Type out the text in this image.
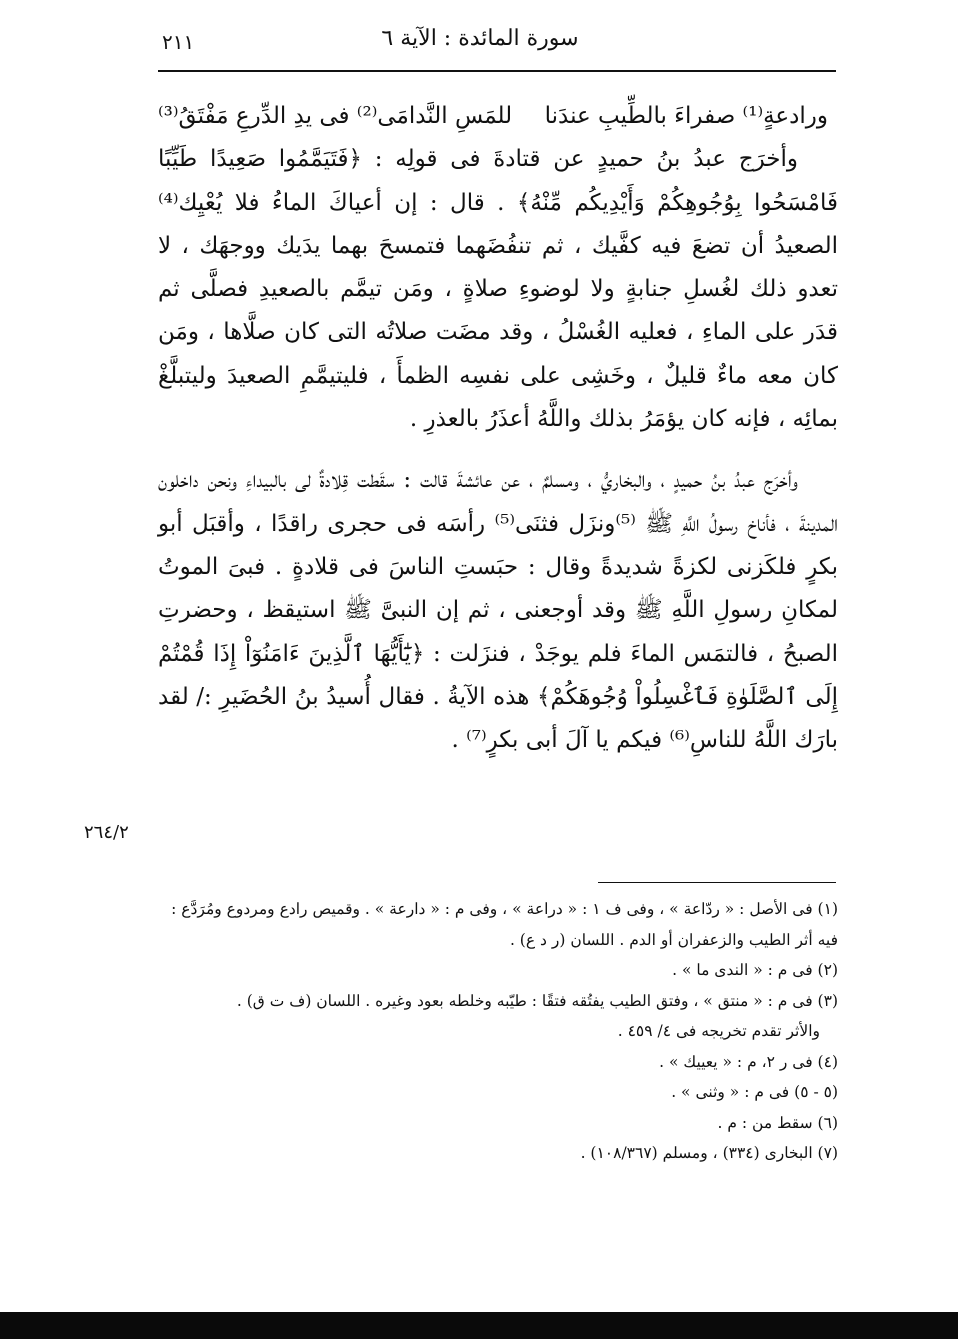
٢١١	سورة المائدة : الآية ٦
ورادعةٍ⁽¹⁾ صفراءَ بالطِّيبِ عندَنا
للمَسِ النَّدامَى⁽²⁾ فى يدِ الدِّرعِ مَفْتَقُ⁽³⁾

وأخرَج عبدُ بنُ حميدٍ عن قتادةَ فى قولِه : ﴿فَتَيَمَّمُوا صَعِيدًا طَيِّبًا فَامْسَحُوا بِوُجُوهِكُمْ وَأَيْدِيكُم مِّنْهُ﴾ . قال : إن أعياكَ الماءُ فلا يُعْيِك⁽⁴⁾ الصعيدُ أن تضعَ فيه كفَّيك ، ثم تنفُضَهما فتمسحَ بهما يدَيك ووجهَك ، لا تعدو ذلك لغُسلِ جنابةٍ ولا لوضوءِ صلاةٍ ، ومَن تيمَّم بالصعيدِ فصلَّى ثم قدَر على الماءِ ، فعليه الغُسْلُ ، وقد مضَت صلاتُه التى كان صلَّاها ، ومَن كان معه ماءٌ قليلٌ ، وخَشِى على نفسِه الظمأَ ، فليتيمَّمِ الصعيدَ وليتبلَّغْ بمائِه ، فإنه كان يؤمَرُ بذلك واللَّهُ أعذَرُ بالعذرِ .

وأخرَج عبدُ بنُ حميدٍ ، والبخاريُّ ، ومسلمٌ ، عن عائشةَ قالت : سقَطت قِلادةٌ لى بالبيداءِ ونحن داخلون المدينةَ ، فأناخ رسولُ اللَّهِ ﷺ ⁽⁵⁾ونزَل فثنَى⁽⁵⁾ رأسَه فى حجرى راقدًا ، وأقبَل أبو بكرٍ فلكَزنى لكزةً شديدةً وقال : حبَستِ الناسَ فى قلادةٍ . فبىَ الموتُ لمكانِ رسولِ اللَّهِ ﷺ وقد أوجعنى ، ثم إن النبىَّ ﷺ استيقظ ، وحضرتِ الصبحُ ، فالتمَس الماءَ فلم يوجَدْ ، فنزَلت : ﴿يَٰٓأَيُّهَا ٱلَّذِينَ ءَامَنُوٓاْ إِذَا قُمْتُمْ إِلَى ٱلصَّلَوٰةِ فَٱغْسِلُواْ وُجُوهَكُمْ﴾ هذه الآيةُ . فقال أُسيدُ بنُ الحُضَيرِ :/ لقد بارَك اللَّهُ للناسِ⁽⁶⁾ فيكم يا آلَ أبى بكرٍ⁽⁷⁾ .

٢٦٤/٢

(١) فى الأصل : « ردّاعة » ، وفى ف ١ : « دراعة » ، وفى م : « دارعة » . وقميص رادع ومردوع ومُرَدَّع : فيه أثر الطيب والزعفران أو الدم . اللسان (ر د ع) .

(٢) فى م : « الندى ما » .

(٣) فى م : « منتق » ، وفتق الطيب يفتُقه فتقًا : طيّبه وخلطه بعود وغيره . اللسان (ف ت ق) .

والأثر تقدم تخريجه فى ٤/ ٤٥٩ .

(٤) فى ر ٢، م : « يعييك » .

(٥ - ٥) فى م : « وثنى » .

(٦) سقط من : م .

(٧) البخارى (٣٣٤) ، ومسلم (١٠٨/٣٦٧) .
